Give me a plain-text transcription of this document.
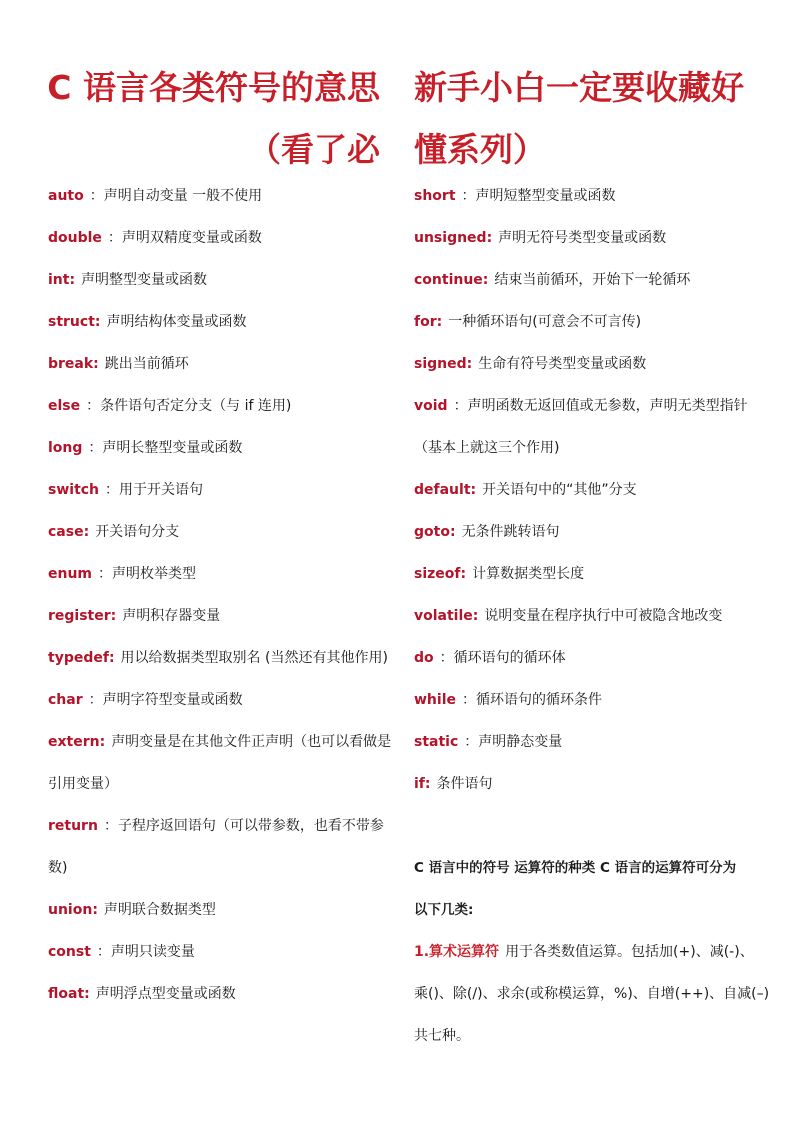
C 语言各类符号的意思 新手小白一定要收藏好
（看了必 懂系列）
auto ：声明自动变量 一般不使用
double ：声明双精度变量或函数
int: 声明整型变量或函数
struct: 声明结构体变量或函数
break: 跳出当前循环
else ：条件语句否定分支（与 if 连用)
long ：声明长整型变量或函数
switch ：用于开关语句
case: 开关语句分支
enum ：声明枚举类型
register: 声明积存器变量
typedef: 用以给数据类型取别名 (当然还有其他作用)
char ：声明字符型变量或函数
extern: 声明变量是在其他文件正声明（也可以看做是
引用变量）
return ：子程序返回语句（可以带参数，也看不带参
数)
union: 声明联合数据类型
const ：声明只读变量
float: 声明浮点型变量或函数
short ：声明短整型变量或函数
unsigned: 声明无符号类型变量或函数
continue: 结束当前循环，开始下一轮循环
for: 一种循环语句(可意会不可言传)
signed: 生命有符号类型变量或函数
void ：声明函数无返回值或无参数，声明无类型指针
（基本上就这三个作用)
default: 开关语句中的“其他”分支
goto: 无条件跳转语句
sizeof: 计算数据类型长度
volatile: 说明变量在程序执行中可被隐含地改变
do ：循环语句的循环体
while ：循环语句的循环条件
static ：声明静态变量
if: 条件语句
C 语言中的符号 运算符的种类 C 语言的运算符可分为
以下几类:
1.算术运算符 用于各类数值运算。包括加(+)、减(-)、
乘()、除(/)、求余(或称模运算，%)、自增(++)、自减(–)
共七种。
